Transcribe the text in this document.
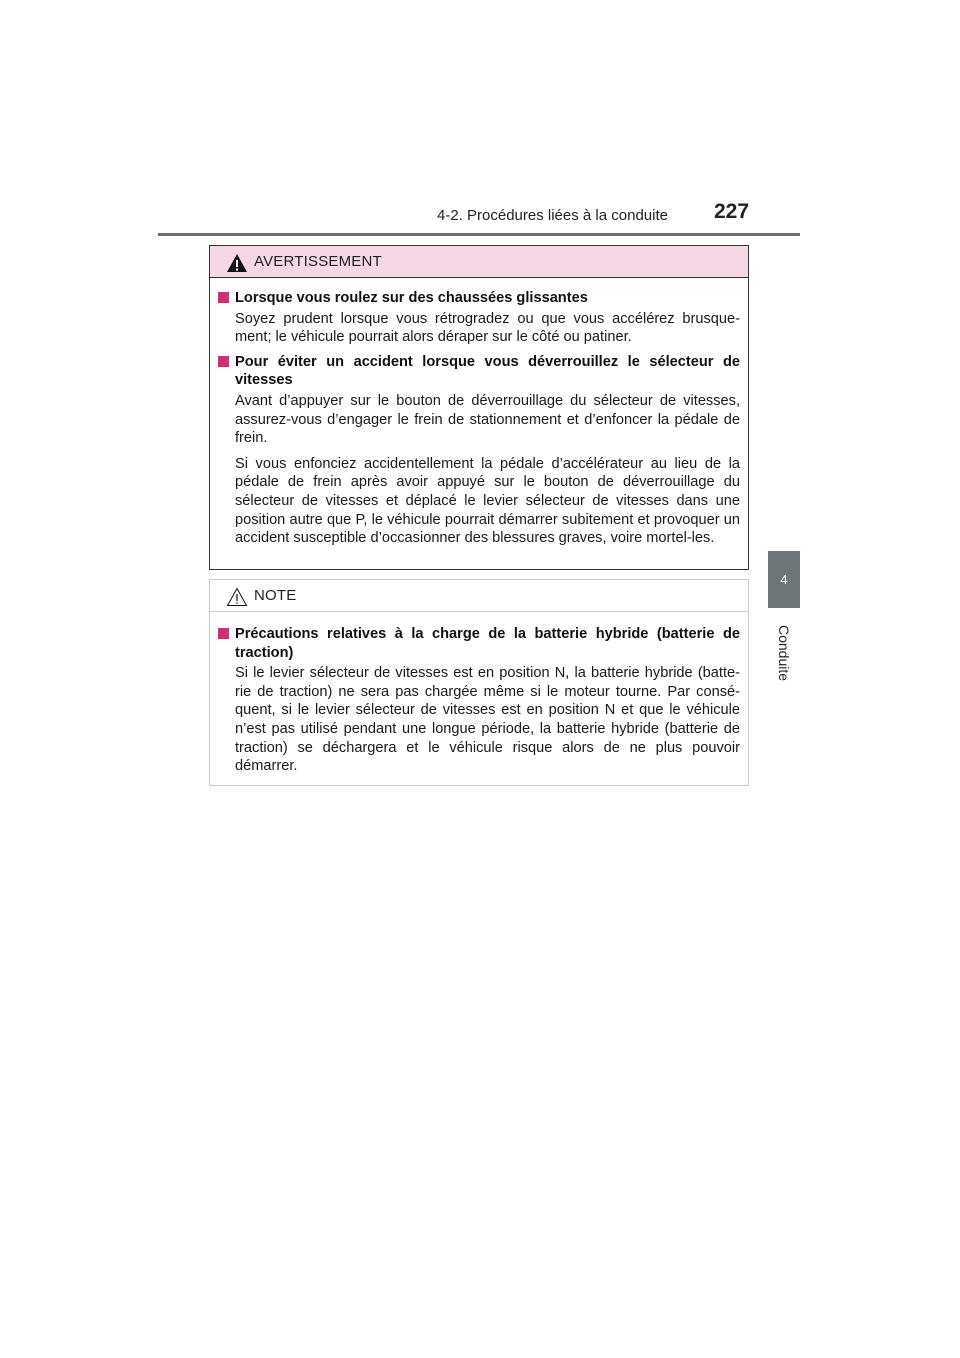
4-2. Procédures liées à la conduite 227
4
Conduite
AVERTISSEMENT
Lorsque vous roulez sur des chaussées glissantes
Soyez prudent lorsque vous rétrogradez ou que vous accélérez brusque-ment; le véhicule pourrait alors déraper sur le côté ou patiner.
Pour éviter un accident lorsque vous déverrouillez le sélecteur de vitesses
Avant d’appuyer sur le bouton de déverrouillage du sélecteur de vitesses, assurez-vous d’engager le frein de stationnement et d’enfoncer la pédale de frein.
Si vous enfonciez accidentellement la pédale d’accélérateur au lieu de la pédale de frein après avoir appuyé sur le bouton de déverrouillage du sélecteur de vitesses et déplacé le levier sélecteur de vitesses dans une position autre que P, le véhicule pourrait démarrer subitement et provoquer un accident susceptible d’occasionner des blessures graves, voire mortel-les.
NOTE
Précautions relatives à la charge de la batterie hybride (batterie de traction)
Si le levier sélecteur de vitesses est en position N, la batterie hybride (batte-rie de traction) ne sera pas chargée même si le moteur tourne. Par consé-quent, si le levier sélecteur de vitesses est en position N et que le véhicule n’est pas utilisé pendant une longue période, la batterie hybride (batterie de traction) se déchargera et le véhicule risque alors de ne plus pouvoir démarrer.
